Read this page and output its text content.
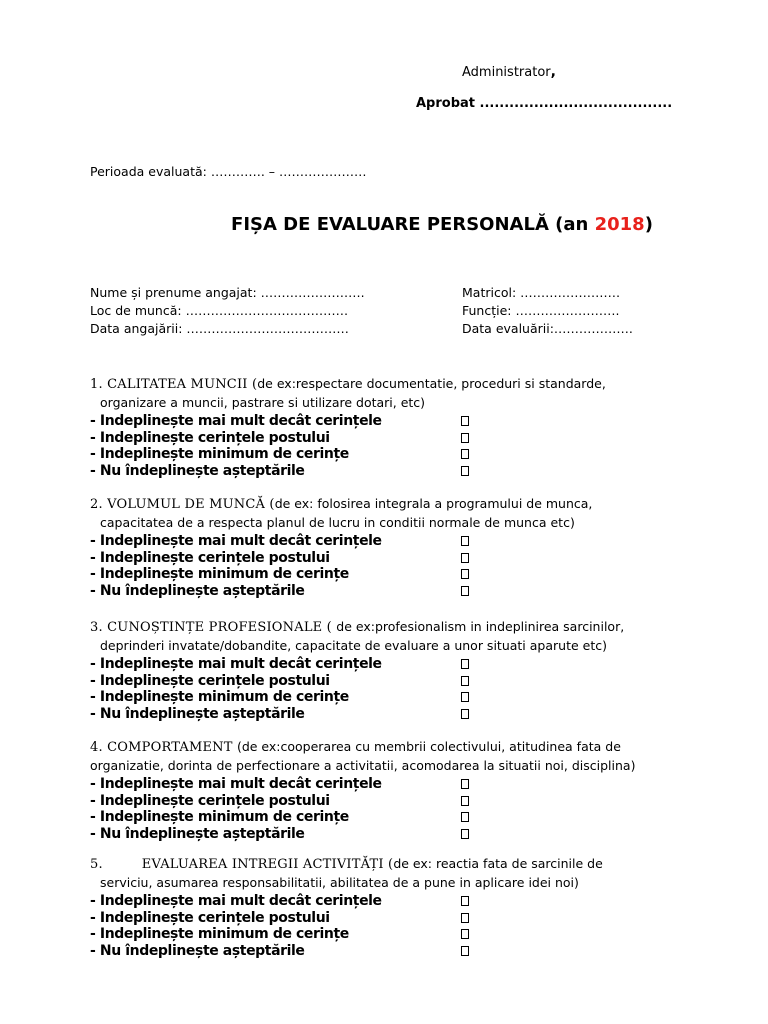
Administrator,
Aprobat .......................................
Perioada evaluată: …………. – …………………
FIȘA DE EVALUARE PERSONALĂ (an 2018)
Nume și prenume angajat: …………………….
Loc de muncă: …………………………………
Data angajării: …………………………………
Matricol: ……………………
Funcție: …………………….
Data evaluării:……………….
1. CALITATEA MUNCII (de ex:respectare documentatie, proceduri si standarde,
organizare a muncii, pastrare si utilizare dotari, etc)
- Indeplinește mai mult decât cerințele
- Indeplinește cerințele postului
- Indeplinește minimum de cerințe
- Nu îndeplinește așteptările
2. VOLUMUL DE MUNCĂ (de ex: folosirea integrala a programului de munca,
capacitatea de a respecta planul de lucru in conditii normale de munca etc)
- Indeplinește mai mult decât cerințele
- Indeplinește cerințele postului
- Indeplinește minimum de cerințe
- Nu îndeplinește așteptările
3. CUNOȘTINȚE PROFESIONALE ( de ex:profesionalism in indeplinirea sarcinilor,
deprinderi invatate/dobandite, capacitate de evaluare a unor situati aparute etc)
- Indeplinește mai mult decât cerințele
- Indeplinește cerințele postului
- Indeplinește minimum de cerințe
- Nu îndeplinește așteptările
4. COMPORTAMENT (de ex:cooperarea cu membrii colectivului, atitudinea fata de
organizatie, dorinta de perfectionare a activitatii, acomodarea la situatii noi, disciplina)
- Indeplinește mai mult decât cerințele
- Indeplinește cerințele postului
- Indeplinește minimum de cerințe
- Nu îndeplinește așteptările
5.         EVALUAREA INTREGII ACTIVITĂȚI (de ex: reactia fata de sarcinile de
serviciu, asumarea responsabilitatii, abilitatea de a pune in aplicare idei noi)
- Indeplinește mai mult decât cerințele
- Indeplinește cerințele postului
- Indeplinește minimum de cerințe
- Nu îndeplinește așteptările
